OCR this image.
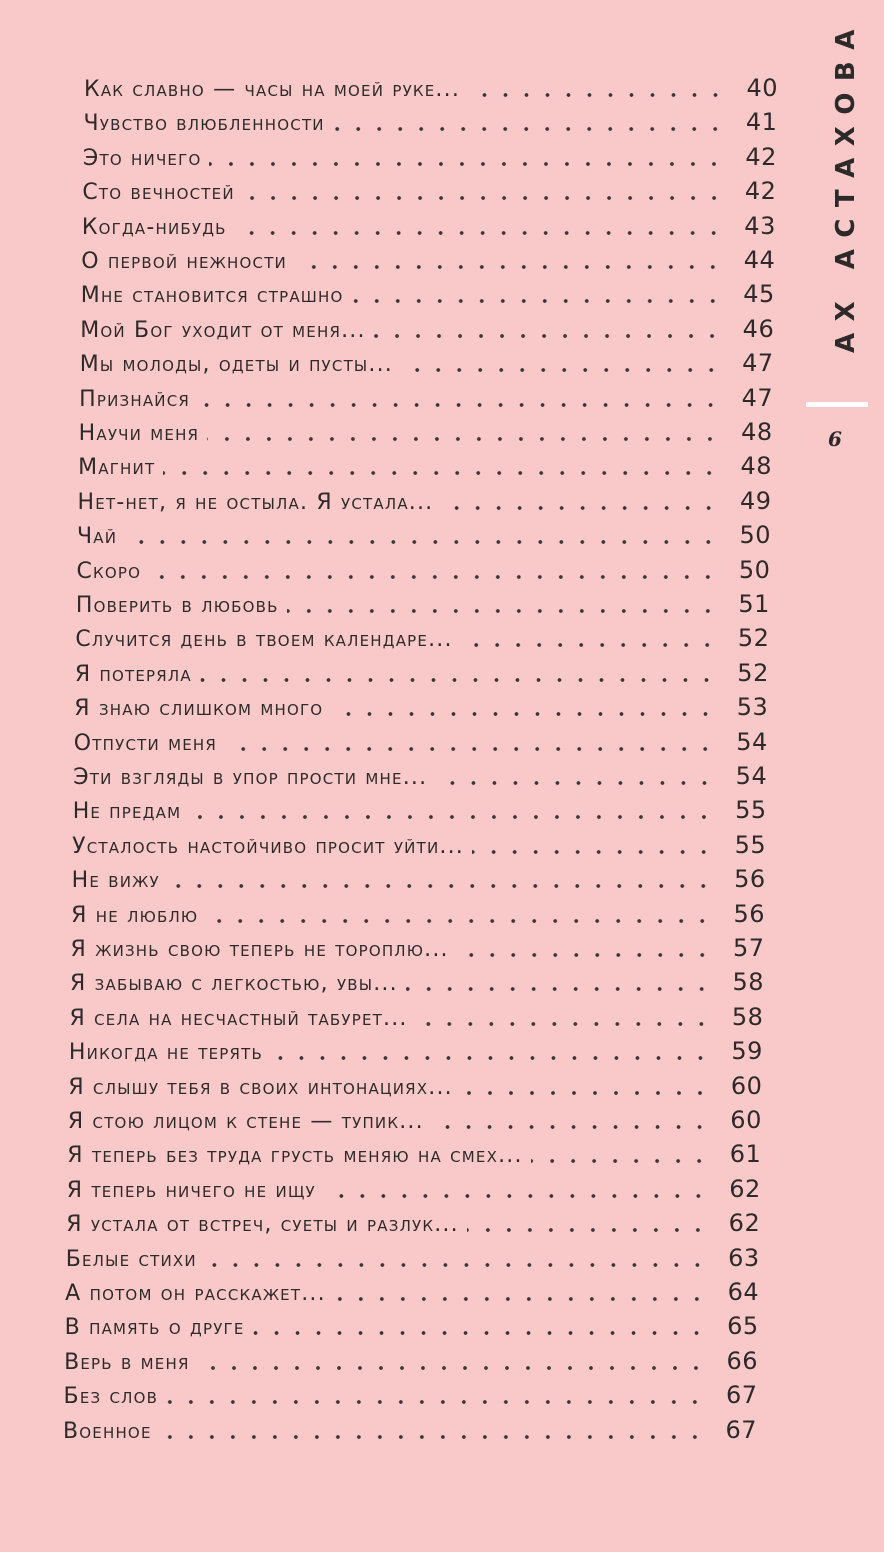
Как славно — часы на моей руке...	40
Чувство влюбленности	41
Это ничего	42
Сто вечностей	42
Когда-нибудь	43
О первой нежности	44
Мне становится страшно	45
Мой Бог уходит от меня...	46
Мы молоды, одеты и пусты...	47
Признайся	47
Научи меня	48
Магнит	48
Нет-нет, я не остыла. Я устала...	49
Чай	50
Скоро	50
Поверить в любовь	51
Случится день в твоем календаре...	52
Я потеряла	52
Я знаю слишком много	53
Отпусти меня	54
Эти взгляды в упор прости мне...	54
Не предам	55
Усталость настойчиво просит уйти...	55
Не вижу	56
Я не люблю	56
Я жизнь свою теперь не тороплю...	57
Я забываю с легкостью, увы...	58
Я села на несчастный табурет...	58
Никогда не терять	59
Я слышу тебя в своих интонациях...	60
Я стою лицом к стене — тупик...	60
Я теперь без труда грусть меняю на смех...	61
Я теперь ничего не ищу	62
Я устала от встреч, суеты и разлук...	62
Белые стихи	63
А потом он расскажет...	64
В память о друге	65
Верь в меня	66
Без слов	67
Военное	67
АХ АСТАХОВА
6
